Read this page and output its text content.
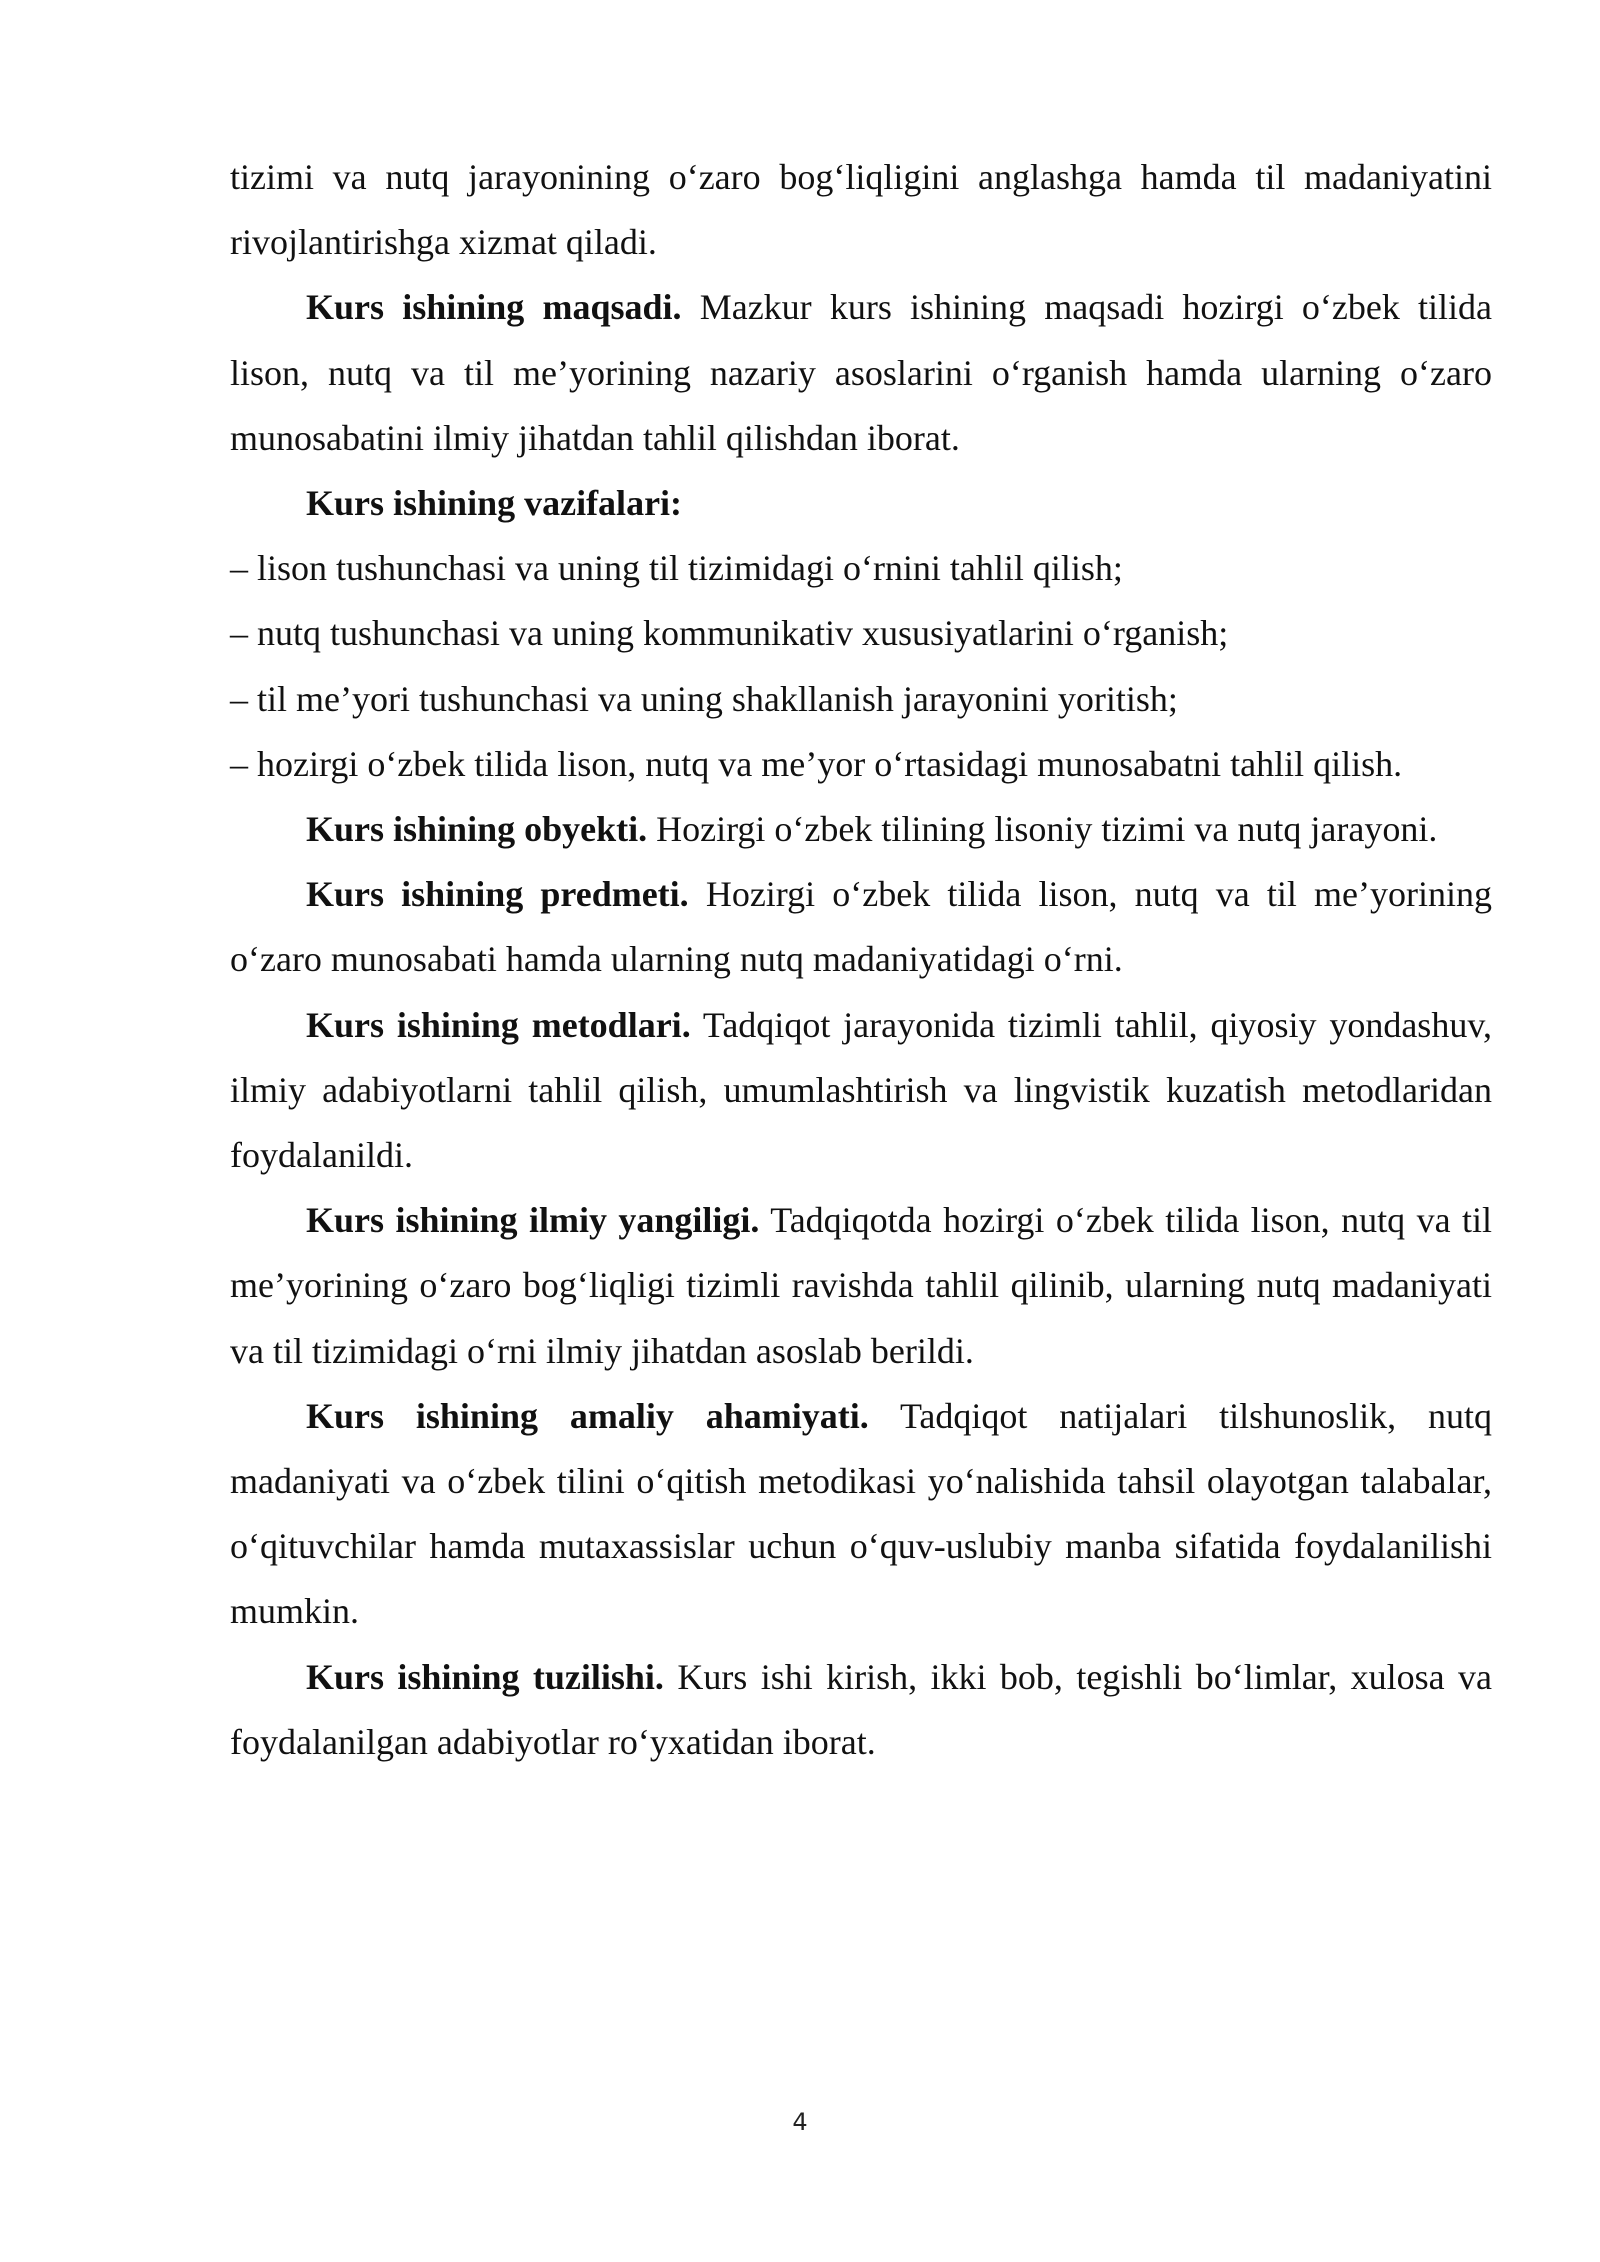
tizimi va nutq jarayonining o‘zaro bog‘liqligini anglashga hamda til madaniyatini rivojlantirishga xizmat qiladi.

Kurs ishining maqsadi. Mazkur kurs ishining maqsadi hozirgi o‘zbek tilida lison, nutq va til me’yorining nazariy asoslarini o‘rganish hamda ularning o‘zaro munosabatini ilmiy jihatdan tahlil qilishdan iborat.

Kurs ishining vazifalari:

– lison tushunchasi va uning til tizimidagi o‘rnini tahlil qilish;

– nutq tushunchasi va uning kommunikativ xususiyatlarini o‘rganish;

– til me’yori tushunchasi va uning shakllanish jarayonini yoritish;

– hozirgi o‘zbek tilida lison, nutq va me’yor o‘rtasidagi munosabatni tahlil qilish.

Kurs ishining obyekti. Hozirgi o‘zbek tilining lisoniy tizimi va nutq jarayoni.

Kurs ishining predmeti. Hozirgi o‘zbek tilida lison, nutq va til me’yorining o‘zaro munosabati hamda ularning nutq madaniyatidagi o‘rni.

Kurs ishining metodlari. Tadqiqot jarayonida tizimli tahlil, qiyosiy yondashuv, ilmiy adabiyotlarni tahlil qilish, umumlashtirish va lingvistik kuzatish metodlaridan foydalanildi.

Kurs ishining ilmiy yangiligi. Tadqiqotda hozirgi o‘zbek tilida lison, nutq va til me’yorining o‘zaro bog‘liqligi tizimli ravishda tahlil qilinib, ularning nutq madaniyati va til tizimidagi o‘rni ilmiy jihatdan asoslab berildi.

Kurs ishining amaliy ahamiyati. Tadqiqot natijalari tilshunoslik, nutq madaniyati va o‘zbek tilini o‘qitish metodikasi yo‘nalishida tahsil olayotgan talabalar, o‘qituvchilar hamda mutaxassislar uchun o‘quv-uslubiy manba sifatida foydalanilishi mumkin.

Kurs ishining tuzilishi. Kurs ishi kirish, ikki bob, tegishli bo‘limlar, xulosa va foydalanilgan adabiyotlar ro‘yxatidan iborat.

4
